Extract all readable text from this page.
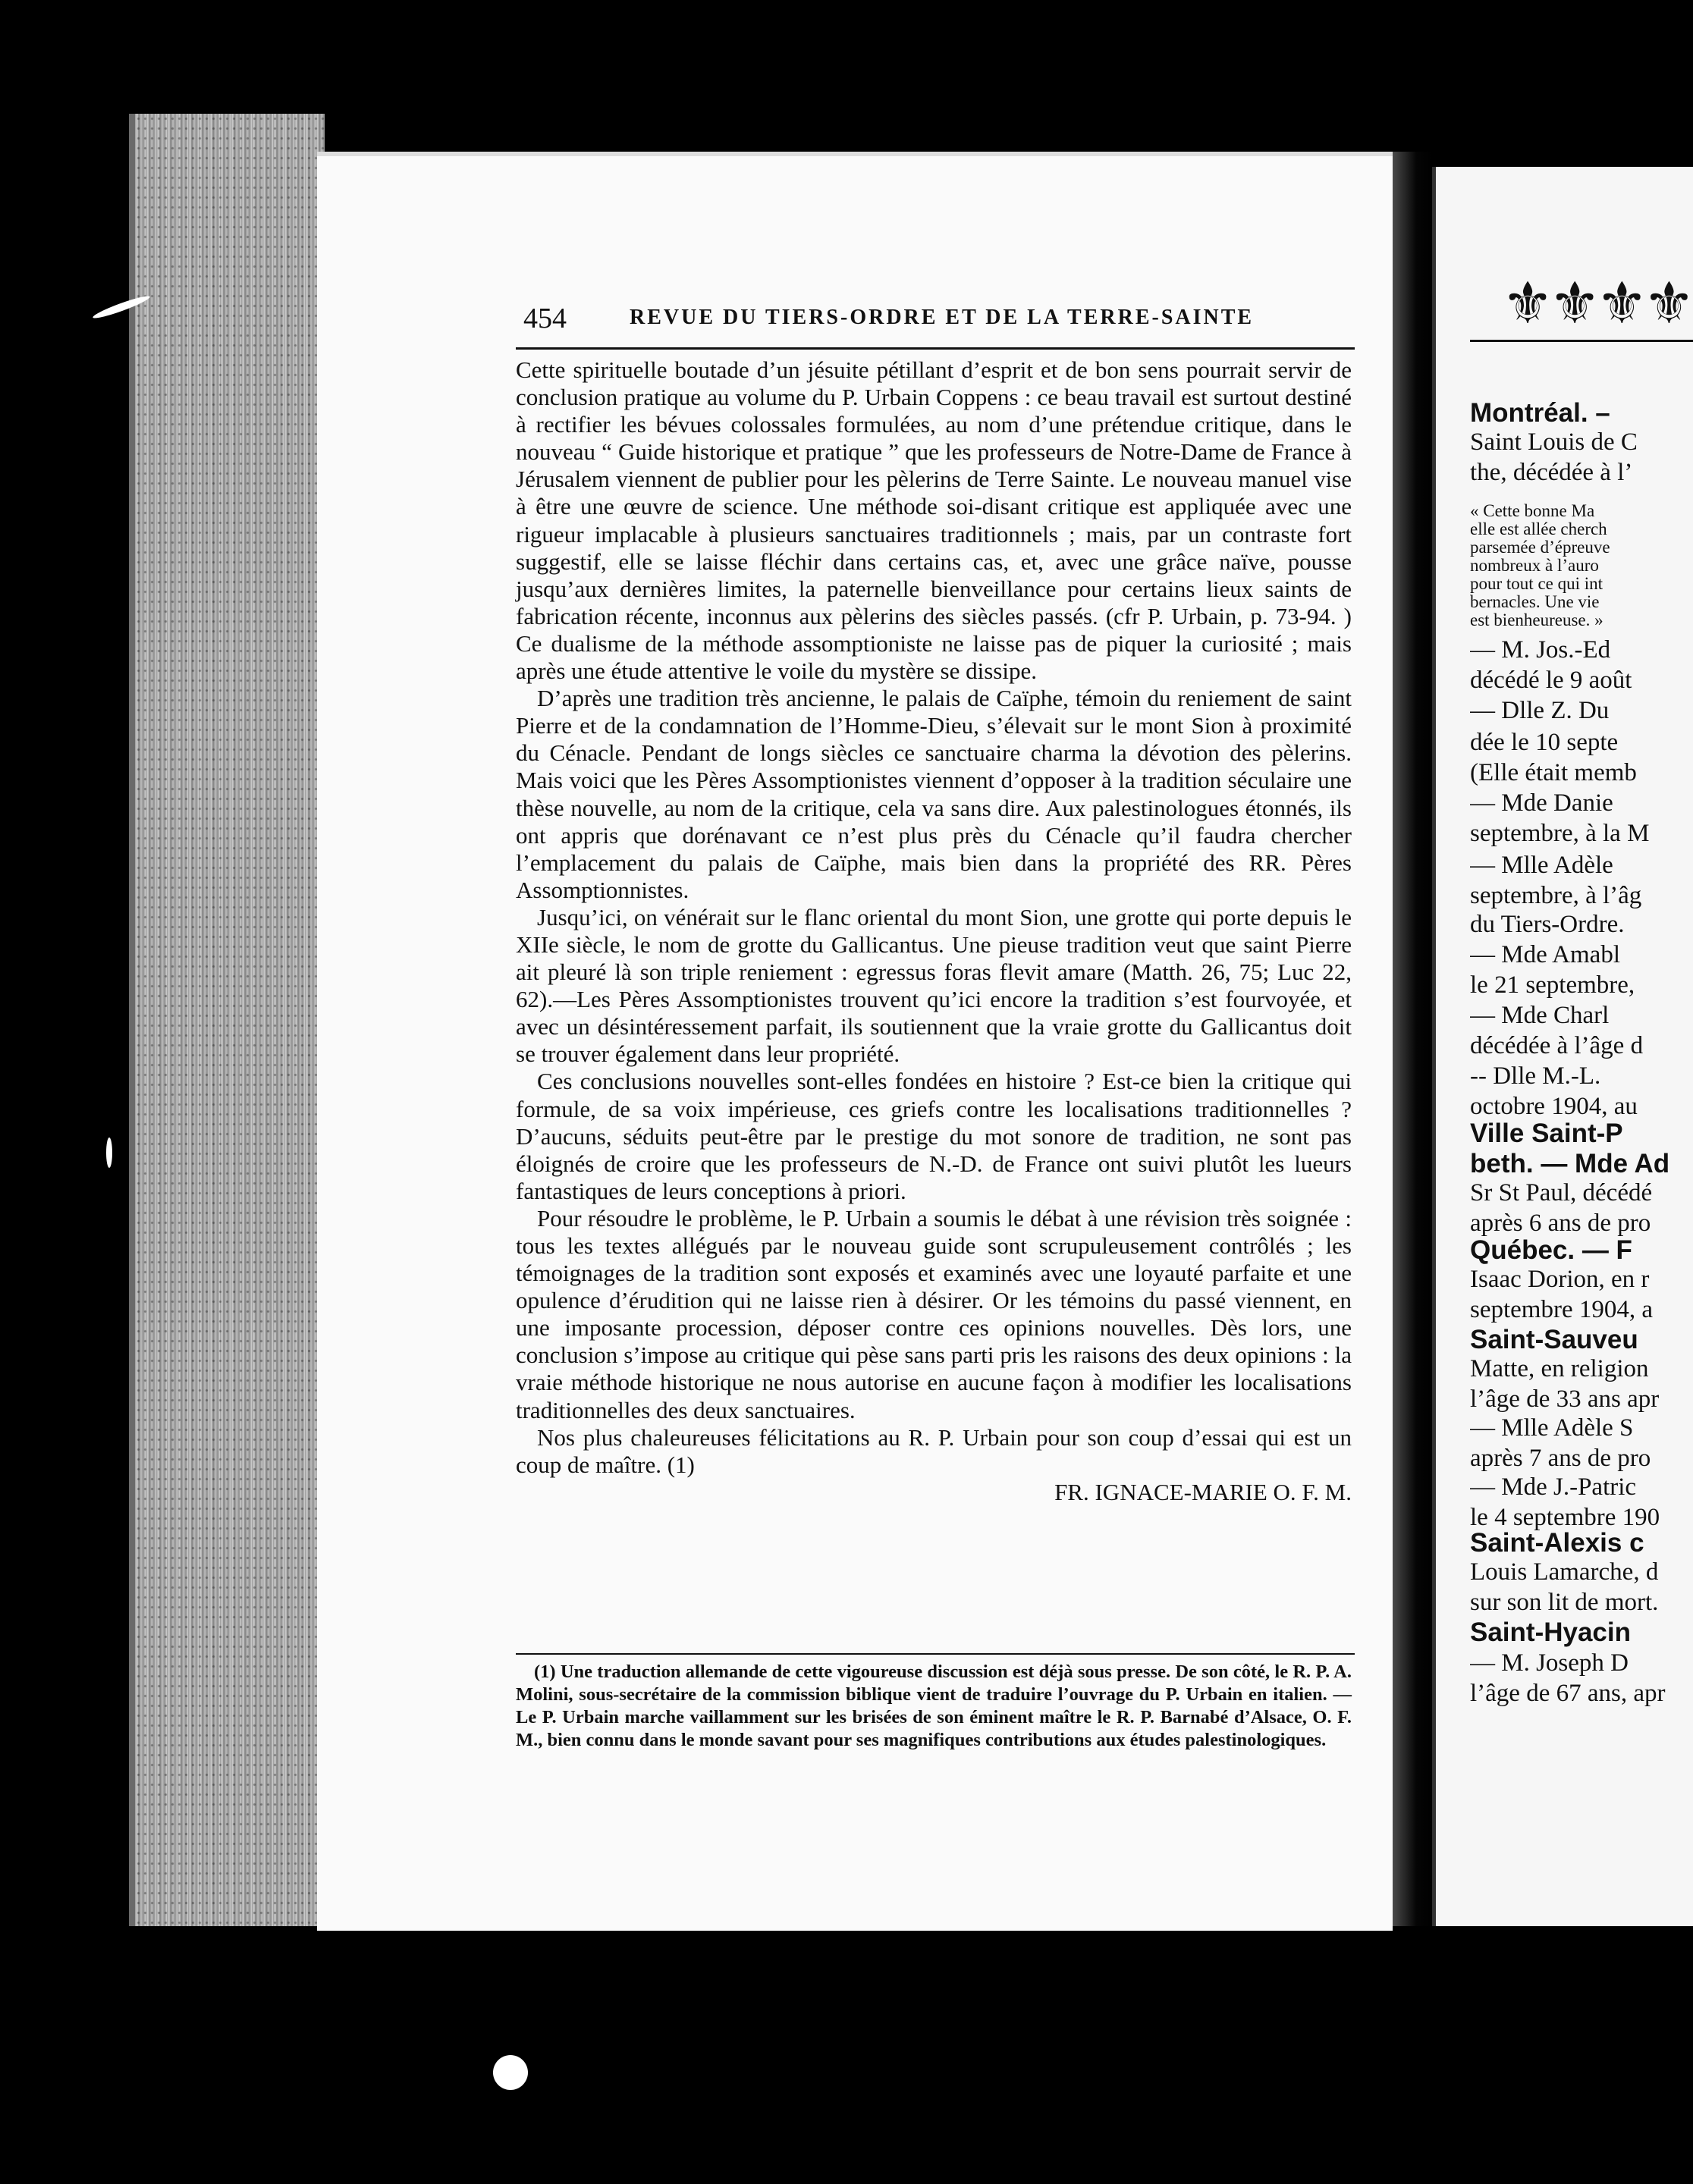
454	REVUE DU TIERS-ORDRE ET DE LA TERRE-SAINTE

Cette spirituelle boutade d’un jésuite pétillant d’esprit et de bon sens pourrait servir de conclusion pratique au volume du P. Urbain Coppens : ce beau travail est surtout destiné à rectifier les bévues colossales formulées, au nom d’une prétendue critique, dans le nouveau “ Guide historique et pratique ” que les professeurs de Notre-Dame de France à Jérusalem viennent de publier pour les pèlerins de Terre Sainte. Le nouveau manuel vise à être une œuvre de science. Une méthode soi-disant critique est appliquée avec une rigueur implacable à plusieurs sanctuaires traditionnels ; mais, par un contraste fort suggestif, elle se laisse fléchir dans certains cas, et, avec une grâce naïve, pousse jusqu’aux dernières limites, la paternelle bienveillance pour certains lieux saints de fabrication récente, inconnus aux pèlerins des siècles passés. (cfr P. Urbain, p. 73-94. ) Ce dualisme de la méthode assomptioniste ne laisse pas de piquer la curiosité ; mais après une étude attentive le voile du mystère se dissipe.

D’après une tradition très ancienne, le palais de Caïphe, témoin du reniement de saint Pierre et de la condamnation de l’Homme-Dieu, s’élevait sur le mont Sion à proximité du Cénacle. Pendant de longs siècles ce sanctuaire charma la dévotion des pèlerins. Mais voici que les Pères Assomptionistes viennent d’opposer à la tradition séculaire une thèse nouvelle, au nom de la critique, cela va sans dire. Aux palestinologues étonnés, ils ont appris que dorénavant ce n’est plus près du Cénacle qu’il faudra chercher l’emplacement du palais de Caïphe, mais bien dans la propriété des RR. Pères Assomptionnistes.

Jusqu’ici, on vénérait sur le flanc oriental du mont Sion, une grotte qui porte depuis le XIIe siècle, le nom de grotte du Gallicantus. Une pieuse tradition veut que saint Pierre ait pleuré là son triple reniement : egressus foras flevit amare (Matth. 26, 75; Luc 22, 62).—Les Pères Assomptionistes trouvent qu’ici encore la tradition s’est fourvoyée, et avec un désintéressement parfait, ils soutiennent que la vraie grotte du Gallicantus doit se trouver également dans leur propriété.

Ces conclusions nouvelles sont-elles fondées en histoire ? Est-ce bien la critique qui formule, de sa voix impérieuse, ces griefs contre les localisations traditionnelles ? D’aucuns, séduits peut-être par le prestige du mot sonore de tradition, ne sont pas éloignés de croire que les professeurs de N.-D. de France ont suivi plutôt les lueurs fantastiques de leurs conceptions à priori.

Pour résoudre le problème, le P. Urbain a soumis le débat à une révision très soignée : tous les textes allégués par le nouveau guide sont scrupuleusement contrôlés ; les témoignages de la tradition sont exposés et examinés avec une loyauté parfaite et une opulence d’érudition qui ne laisse rien à désirer. Or les témoins du passé viennent, en une imposante procession, déposer contre ces opinions nouvelles. Dès lors, une conclusion s’impose au critique qui pèse sans parti pris les raisons des deux opinions : la vraie méthode historique ne nous autorise en aucune façon à modifier les localisations traditionnelles des deux sanctuaires.

Nos plus chaleureuses félicitations au R. P. Urbain pour son coup d’essai qui est un coup de maître. (1)

FR. IGNACE-MARIE O. F. M.

(1) Une traduction allemande de cette vigoureuse discussion est déjà sous presse. De son côté, le R. P. A. Molini, sous-secrétaire de la commission biblique vient de traduire l’ouvrage du P. Urbain en italien. — Le P. Urbain marche vaillamment sur les brisées de son éminent maître le R. P. Barnabé d’Alsace, O. F. M., bien connu dans le monde savant pour ses magnifiques contributions aux études palestinologiques.

⚜⚜⚜⚜
Montréal. –
Saint Louis de C
the, décédée à l’
« Cette bonne Ma
elle est allée cherch
parsemée d’épreuve
nombreux à l’auro
pour tout ce qui int
bernacles. Une vie
est bienheureuse. »
— M. Jos.-Ed
décédé le 9 août
— Dlle Z. Du
dée le 10 septe
(Elle était memb
— Mde Danie
septembre, à la M
— Mlle Adèle
septembre, à l’âg
du Tiers-Ordre.
— Mde Amabl
le 21 septembre,
— Mde Charl
décédée à l’âge d
-- Dlle M.-L.
octobre 1904, au
Ville Saint-P
beth. — Mde Ad
Sr St Paul, décédé
après 6 ans de pro
Québec. — F
Isaac Dorion, en r
septembre 1904, a
Saint-Sauveu
Matte, en religion
l’âge de 33 ans apr
— Mlle Adèle S
après 7 ans de pro
— Mde J.-Patric
le 4 septembre 190
Saint-Alexis c
Louis Lamarche, d
sur son lit de mort.
Saint-Hyacin
— M. Joseph D
l’âge de 67 ans, apr
